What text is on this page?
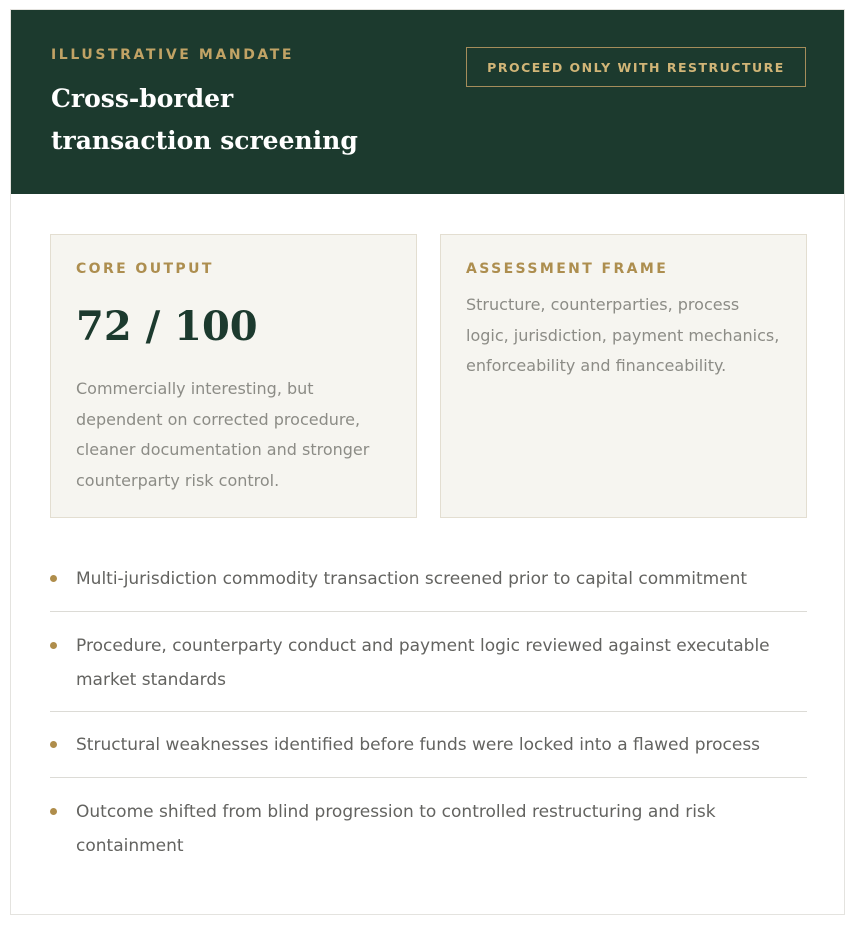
ILLUSTRATIVE MANDATE
Cross-border transaction screening
PROCEED ONLY WITH RESTRUCTURE
CORE OUTPUT
72 / 100
Commercially interesting, but dependent on corrected procedure, cleaner documentation and stronger counterparty risk control.
ASSESSMENT FRAME
Structure, counterparties, process logic, jurisdiction, payment mechanics, enforceability and financeability.
Multi-jurisdiction commodity transaction screened prior to capital commitment
Procedure, counterparty conduct and payment logic reviewed against executable market standards
Structural weaknesses identified before funds were locked into a flawed process
Outcome shifted from blind progression to controlled restructuring and risk containment
